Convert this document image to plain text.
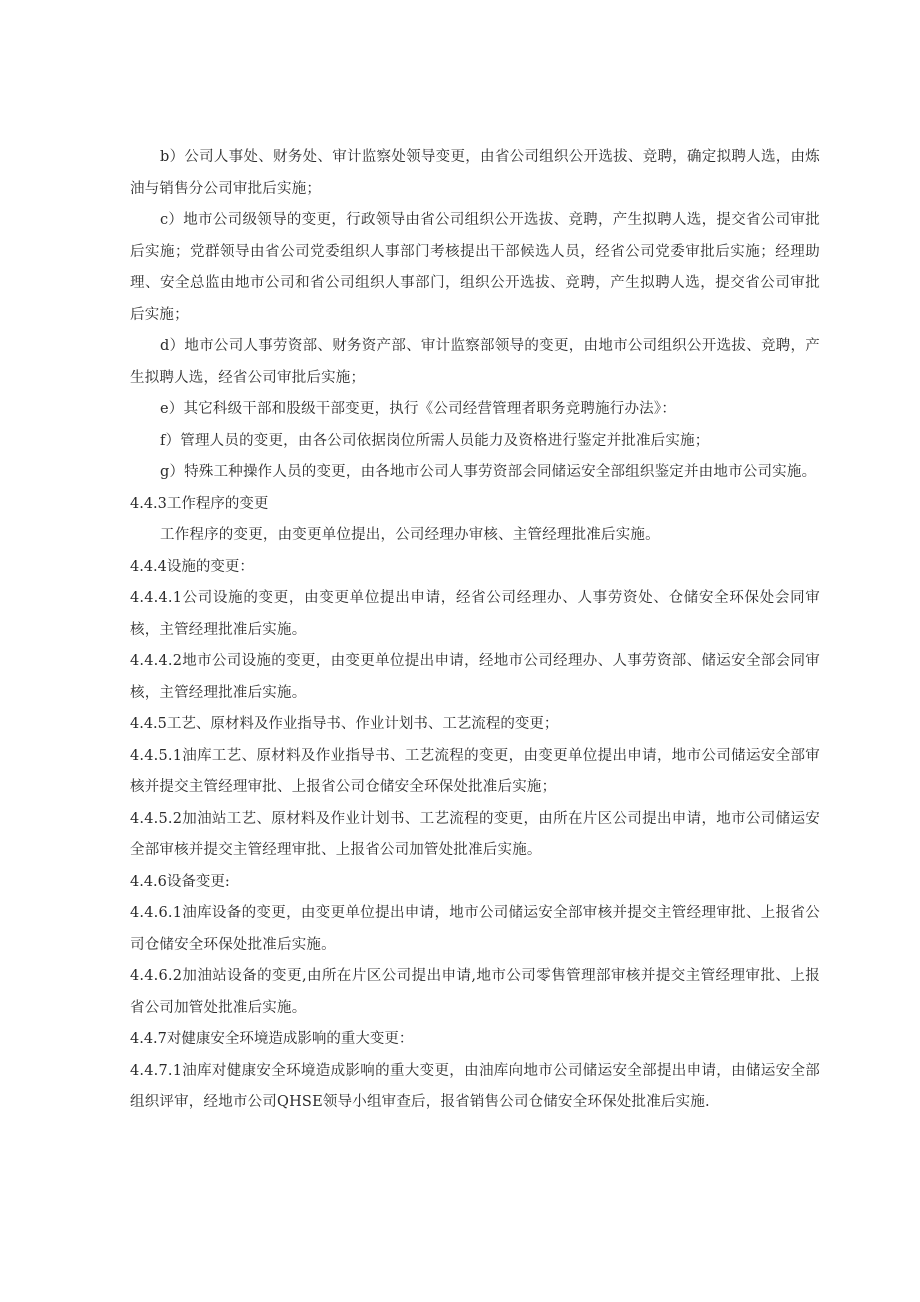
b）公司人事处、财务处、审计监察处领导变更，由省公司组织公开选拔、竞聘，确定拟聘人选，由炼油与销售分公司审批后实施；

c）地市公司级领导的变更，行政领导由省公司组织公开选拔、竞聘，产生拟聘人选，提交省公司审批后实施；党群领导由省公司党委组织人事部门考核提出干部候选人员，经省公司党委审批后实施；经理助理、安全总监由地市公司和省公司组织人事部门，组织公开选拔、竞聘，产生拟聘人选，提交省公司审批后实施；

d）地市公司人事劳资部、财务资产部、审计监察部领导的变更，由地市公司组织公开选拔、竞聘，产生拟聘人选，经省公司审批后实施；

e）其它科级干部和股级干部变更，执行《公司经营管理者职务竞聘施行办法》：

f）管理人员的变更，由各公司依据岗位所需人员能力及资格进行鉴定并批准后实施；

g）特殊工种操作人员的变更，由各地市公司人事劳资部会同储运安全部组织鉴定并由地市公司实施。

4.4.3工作程序的变更

工作程序的变更，由变更单位提出，公司经理办审核、主管经理批准后实施。

4.4.4设施的变更：

4.4.4.1公司设施的变更，由变更单位提出申请，经省公司经理办、人事劳资处、仓储安全环保处会同审核，主管经理批准后实施。

4.4.4.2地市公司设施的变更，由变更单位提出申请，经地市公司经理办、人事劳资部、储运安全部会同审核，主管经理批准后实施。

4.4.5工艺、原材料及作业指导书、作业计划书、工艺流程的变更；

4.4.5.1油库工艺、原材料及作业指导书、工艺流程的变更，由变更单位提出申请，地市公司储运安全部审核并提交主管经理审批、上报省公司仓储安全环保处批准后实施；

4.4.5.2加油站工艺、原材料及作业计划书、工艺流程的变更，由所在片区公司提出申请，地市公司储运安全部审核并提交主管经理审批、上报省公司加管处批准后实施。

4.4.6设备变更:

4.4.6.1油库设备的变更，由变更单位提出申请，地市公司储运安全部审核并提交主管经理审批、上报省公司仓储安全环保处批准后实施。

4.4.6.2加油站设备的变更,由所在片区公司提出申请,地市公司零售管理部审核并提交主管经理审批、上报省公司加管处批准后实施。

4.4.7对健康安全环境造成影响的重大变更：

4.4.7.1油库对健康安全环境造成影响的重大变更，由油库向地市公司储运安全部提出申请，由储运安全部组织评审，经地市公司QHSE领导小组审查后，报省销售公司仓储安全环保处批准后实施.
